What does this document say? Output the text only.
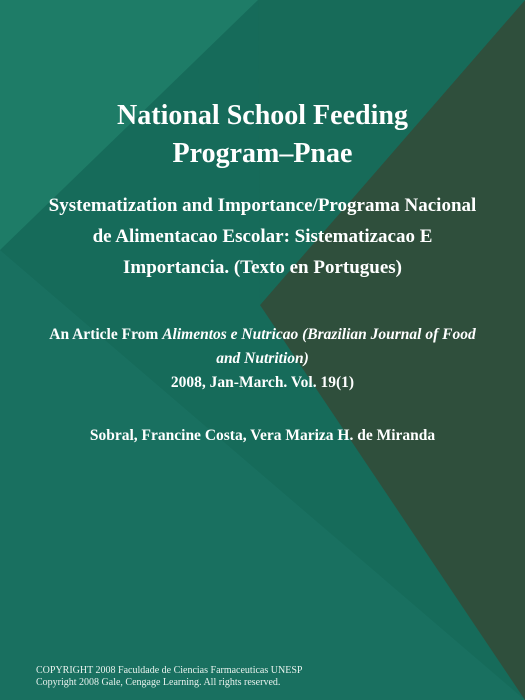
National School Feeding
Program–Pnae

Systematization and Importance/Programa Nacional
de Alimentacao Escolar: Sistematizacao E
Importancia. (Texto en Portugues)

An Article From Alimentos e Nutricao (Brazilian Journal of Food
and Nutrition)
2008, Jan-March. Vol. 19(1)

Sobral, Francine Costa, Vera Mariza H. de Miranda

COPYRIGHT 2008 Faculdade de Ciencias Farmaceuticas UNESP
Copyright 2008 Gale, Cengage Learning. All rights reserved.
